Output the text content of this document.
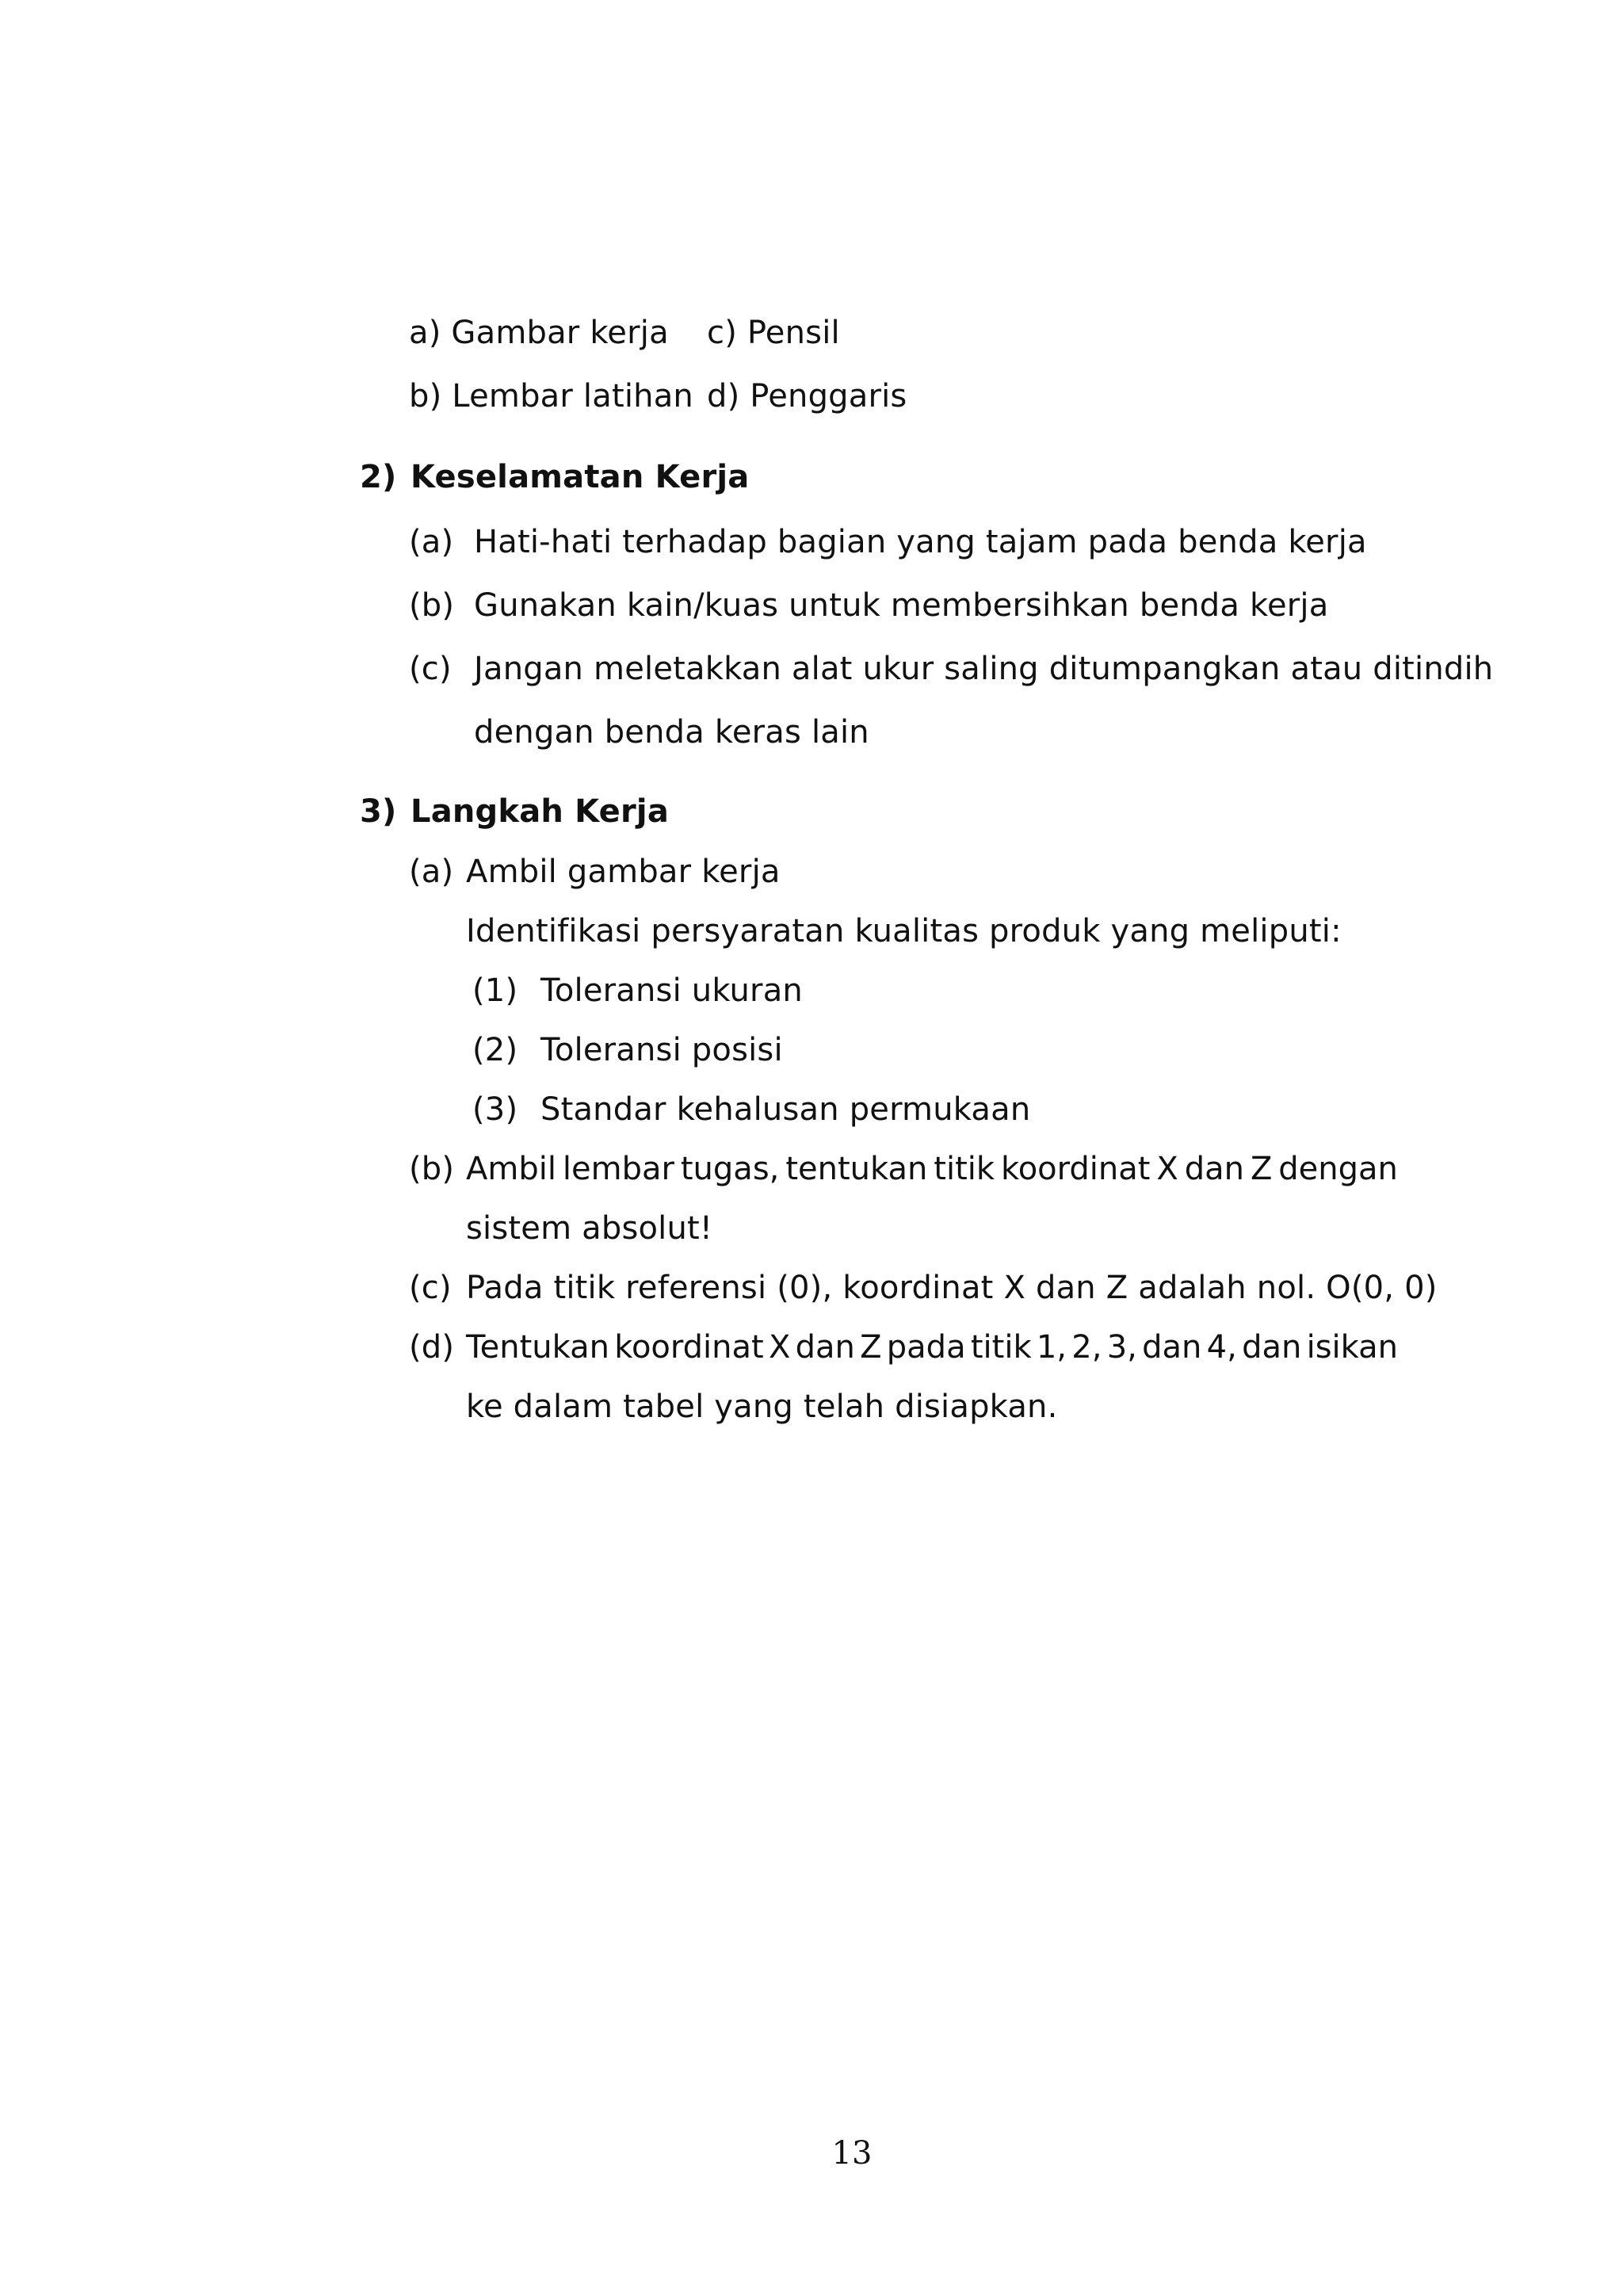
a) Gambar kerja c) Pensil
b) Lembar latihan d) Penggaris
2) Keselamatan Kerja
(a) Hati-hati terhadap bagian yang tajam pada benda kerja
(b) Gunakan kain/kuas untuk membersihkan benda kerja
(c) Jangan meletakkan alat ukur saling ditumpangkan atau ditindih
dengan benda keras lain
3) Langkah Kerja
(a) Ambil gambar kerja
Identifikasi persyaratan kualitas produk yang meliputi:
(1) Toleransi ukuran
(2) Toleransi posisi
(3) Standar kehalusan permukaan
(b) Ambil lembar tugas, tentukan titik koordinat X dan Z dengan
sistem absolut!
(c) Pada titik referensi (0), koordinat X dan Z adalah nol. O(0, 0)
(d) Tentukan koordinat X dan Z pada titik 1, 2, 3, dan 4, dan isikan
ke dalam tabel yang telah disiapkan.
13
